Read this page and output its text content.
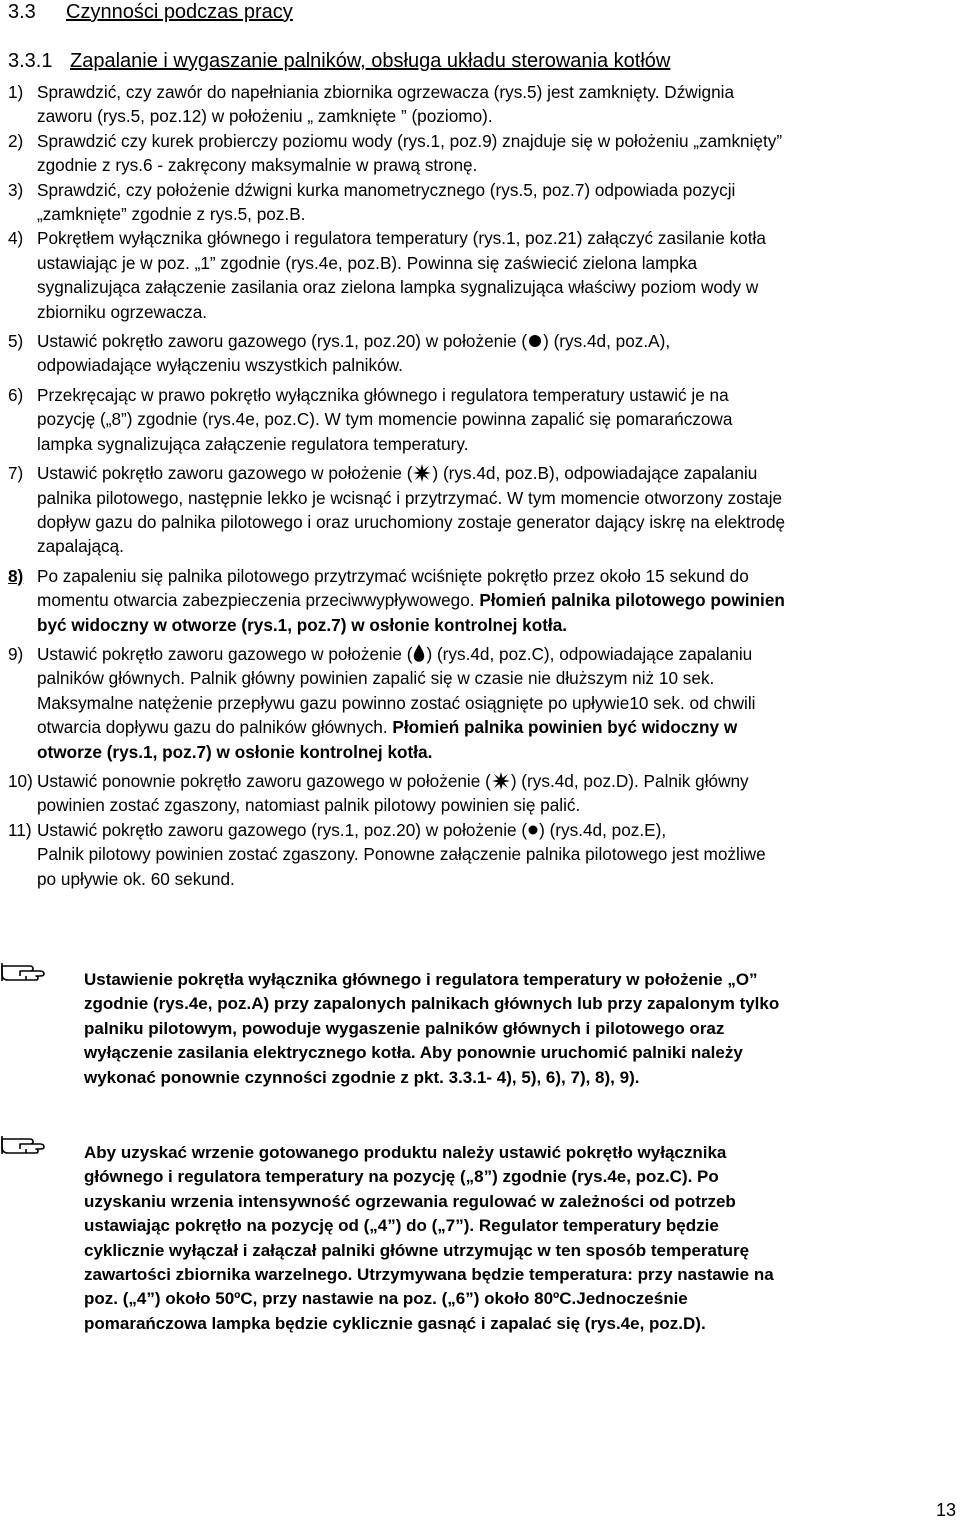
3.3 Czynności podczas pracy
3.3.1 Zapalanie i wygaszanie palników, obsługa układu sterowania kotłów
1) Sprawdzić, czy zawór do napełniania zbiornika ogrzewacza (rys.5) jest zamknięty. Dźwignia
zaworu (rys.5, poz.12) w położeniu „ zamknięte ” (poziomo).
2) Sprawdzić czy kurek probierczy poziomu wody (rys.1, poz.9) znajduje się w położeniu „zamknięty”
zgodnie z rys.6 - zakręcony maksymalnie w prawą stronę.
3) Sprawdzić, czy położenie dźwigni kurka manometrycznego (rys.5, poz.7) odpowiada pozycji
„zamknięte” zgodnie z rys.5, poz.B.
4) Pokrętłem wyłącznika głównego i regulatora temperatury (rys.1, poz.21) załączyć zasilanie kotła
ustawiając je w poz. „1” zgodnie (rys.4e, poz.B). Powinna się zaświecić zielona lampka
sygnalizująca załączenie zasilania oraz zielona lampka sygnalizująca właściwy poziom wody w
zbiorniku ogrzewacza.
5) Ustawić pokrętło zaworu gazowego (rys.1, poz.20) w położenie ( ) (rys.4d, poz.A),
odpowiadające wyłączeniu wszystkich palników.
6) Przekręcając w prawo pokrętło wyłącznika głównego i regulatora temperatury ustawić je na
pozycję („8”) zgodnie (rys.4e, poz.C). W tym momencie powinna zapalić się pomarańczowa
lampka sygnalizująca załączenie regulatora temperatury.
7) Ustawić pokrętło zaworu gazowego w położenie ( ) (rys.4d, poz.B), odpowiadające zapalaniu
palnika pilotowego, następnie lekko je wcisnąć i przytrzymać. W tym momencie otworzony zostaje
dopływ gazu do palnika pilotowego i oraz uruchomiony zostaje generator dający iskrę na elektrodę
zapalającą.
8) Po zapaleniu się palnika pilotowego przytrzymać wciśnięte pokrętło przez około 15 sekund do
momentu otwarcia zabezpieczenia przeciwwypływowego. Płomień palnika pilotowego powinien
być widoczny w otworze (rys.1, poz.7) w osłonie kontrolnej kotła.
9) Ustawić pokrętło zaworu gazowego w położenie ( ) (rys.4d, poz.C), odpowiadające zapalaniu
palników głównych. Palnik główny powinien zapalić się w czasie nie dłuższym niż 10 sek.
Maksymalne natężenie przepływu gazu powinno zostać osiągnięte po upływie10 sek. od chwili
otwarcia dopływu gazu do palników głównych. Płomień palnika powinien być widoczny w
otworze (rys.1, poz.7) w osłonie kontrolnej kotła.
10) Ustawić ponownie pokrętło zaworu gazowego w położenie ( ) (rys.4d, poz.D). Palnik główny
powinien zostać zgaszony, natomiast palnik pilotowy powinien się palić.
11) Ustawić pokrętło zaworu gazowego (rys.1, poz.20) w położenie ( ) (rys.4d, poz.E),
Palnik pilotowy powinien zostać zgaszony. Ponowne załączenie palnika pilotowego jest możliwe
po upływie ok. 60 sekund.
Ustawienie pokrętła wyłącznika głównego i regulatora temperatury w położenie „O”
zgodnie (rys.4e, poz.A) przy zapalonych palnikach głównych lub przy zapalonym tylko
palniku pilotowym, powoduje wygaszenie palników głównych i pilotowego oraz
wyłączenie zasilania elektrycznego kotła. Aby ponownie uruchomić palniki należy
wykonać ponownie czynności zgodnie z pkt. 3.3.1- 4), 5), 6), 7), 8), 9).
Aby uzyskać wrzenie gotowanego produktu należy ustawić pokrętło wyłącznika
głównego i regulatora temperatury na pozycję („8”) zgodnie (rys.4e, poz.C). Po
uzyskaniu wrzenia intensywność ogrzewania regulować w zależności od potrzeb
ustawiając pokrętło na pozycję od („4”) do („7”). Regulator temperatury będzie
cyklicznie wyłączał i załączał palniki główne utrzymując w ten sposób temperaturę
zawartości zbiornika warzelnego. Utrzymywana będzie temperatura: przy nastawie na
poz. („4”) około 50ºC, przy nastawie na poz. („6”) około 80ºC.Jednocześnie
pomarańczowa lampka będzie cyklicznie gasnąć i zapalać się (rys.4e, poz.D).
13
